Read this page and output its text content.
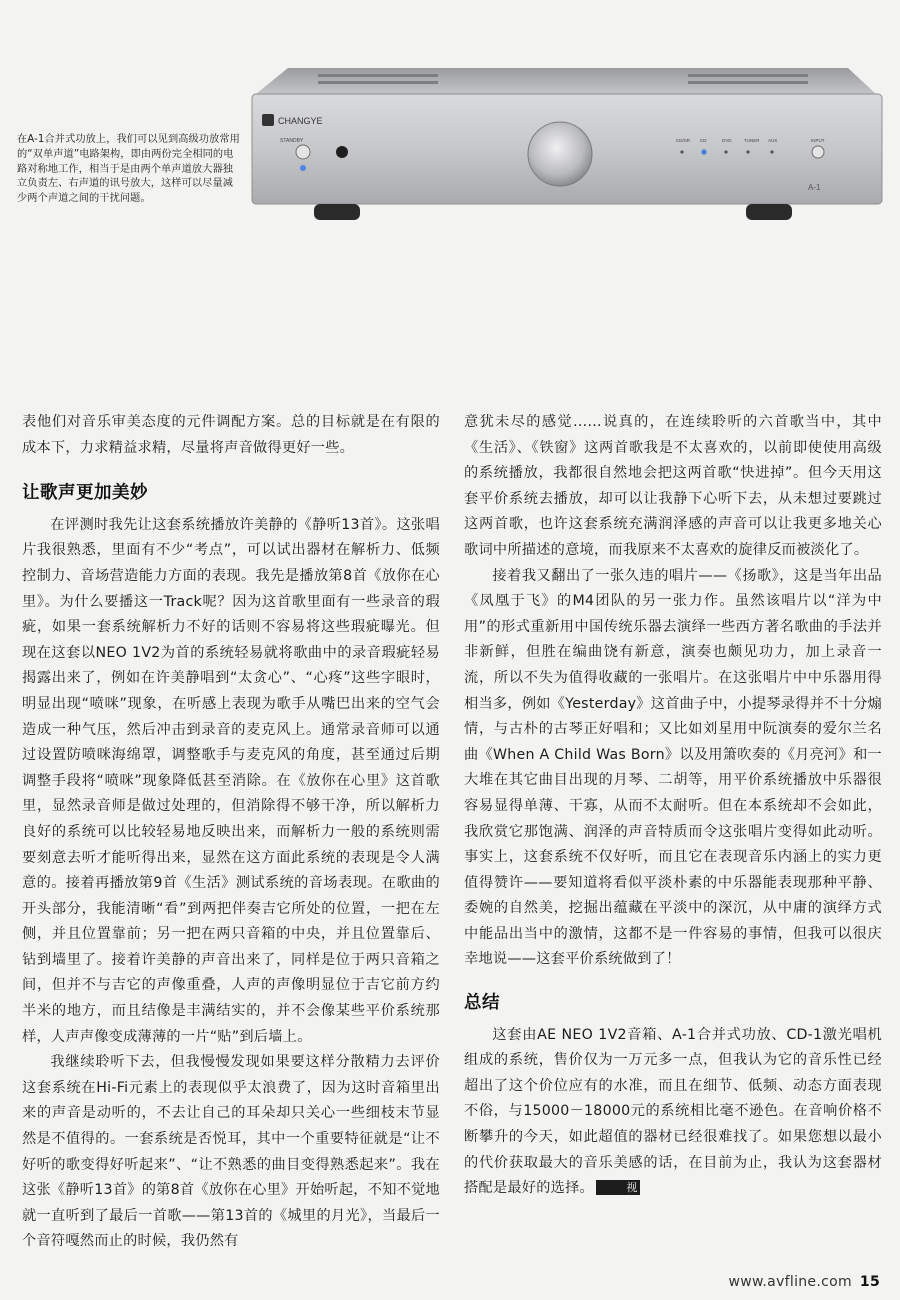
在A-1合并式功放上，我们可以见到高级功放常用的“双单声道”电路架构，即由两份完全相同的电路对称地工作，相当于是由两个单声道放大器独立负责左、右声道的讯号放大，这样可以尽量减少两个声道之间的干扰问题。
CHANGYE
STANDBY	CD/SR CD	DVD	TUNER AUX	INPUT
A-1

表他们对音乐审美态度的元件调配方案。总的目标就是在有限的成本下，力求精益求精，尽量将声音做得更好一些。

让歌声更加美妙

在评测时我先让这套系统播放许美静的《静听13首》。这张唱片我很熟悉，里面有不少“考点”，可以试出器材在解析力、低频控制力、音场营造能力方面的表现。我先是播放第8首《放你在心里》。为什么要播这一Track呢？因为这首歌里面有一些录音的瑕疵，如果一套系统解析力不好的话则不容易将这些瑕疵曝光。但现在这套以NEO 1V2为首的系统轻易就将歌曲中的录音瑕疵轻易揭露出来了，例如在许美静唱到“太贪心”、“心疼”这些字眼时，明显出现“喷咪”现象，在听感上表现为歌手从嘴巴出来的空气会造成一种气压，然后冲击到录音的麦克风上。通常录音师可以通过设置防喷咪海绵罩，调整歌手与麦克风的角度，甚至通过后期调整手段将“喷咪”现象降低甚至消除。在《放你在心里》这首歌里，显然录音师是做过处理的，但消除得不够干净，所以解析力良好的系统可以比较轻易地反映出来，而解析力一般的系统则需要刻意去听才能听得出来，显然在这方面此系统的表现是令人满意的。接着再播放第9首《生活》测试系统的音场表现。在歌曲的开头部分，我能清晰“看”到两把伴奏吉它所处的位置，一把在左侧，并且位置靠前；另一把在两只音箱的中央，并且位置靠后、钻到墙里了。接着许美静的声音出来了，同样是位于两只音箱之间，但并不与吉它的声像重叠，人声的声像明显位于吉它前方约半米的地方，而且结像是丰满结实的，并不会像某些平价系统那样，人声声像变成薄薄的一片“贴”到后墙上。

我继续聆听下去，但我慢慢发现如果要这样分散精力去评价这套系统在Hi-Fi元素上的表现似乎太浪费了，因为这时音箱里出来的声音是动听的，不去让自己的耳朵却只关心一些细枝末节显然是不值得的。一套系统是否悦耳，其中一个重要特征就是“让不好听的歌变得好听起来”、“让不熟悉的曲目变得熟悉起来”。我在这张《静听13首》的第8首《放你在心里》开始听起，不知不觉地就一直听到了最后一首歌——第13首的《城里的月光》，当最后一个音符嘎然而止的时候，我仍然有

意犹未尽的感觉……说真的，在连续聆听的六首歌当中，其中《生活》、《铁窗》这两首歌我是不太喜欢的，以前即使使用高级的系统播放，我都很自然地会把这两首歌“快进掉”。但今天用这套平价系统去播放，却可以让我静下心听下去，从未想过要跳过这两首歌，也许这套系统充满润泽感的声音可以让我更多地关心歌词中所描述的意境，而我原来不太喜欢的旋律反而被淡化了。

接着我又翻出了一张久违的唱片——《扬歌》，这是当年出品《凤凰于飞》的M4团队的另一张力作。虽然该唱片以“洋为中用”的形式重新用中国传统乐器去演绎一些西方著名歌曲的手法并非新鲜，但胜在编曲饶有新意，演奏也颇见功力，加上录音一流，所以不失为值得收藏的一张唱片。在这张唱片中中乐器用得相当多，例如《Yesterday》这首曲子中，小提琴录得并不十分煽情，与古朴的古琴正好唱和；又比如刘星用中阮演奏的爱尔兰名曲《When A Child Was Born》以及用箫吹奏的《月亮河》和一大堆在其它曲目出现的月琴、二胡等，用平价系统播放中乐器很容易显得单薄、干寡，从而不太耐听。但在本系统却不会如此，我欣赏它那饱满、润泽的声音特质而令这张唱片变得如此动听。事实上，这套系统不仅好听，而且它在表现音乐内涵上的实力更值得赞许——要知道将看似平淡朴素的中乐器能表现那种平静、委婉的自然美，挖掘出蕴藏在平淡中的深沉，从中庸的演绎方式中能品出当中的激情，这都不是一件容易的事情，但我可以很庆幸地说——这套平价系统做到了！

总结

这套由AE NEO 1V2音箱、A-1合并式功放、CD-1激光唱机组成的系统，售价仅为一万元多一点，但我认为它的音乐性已经超出了这个价位应有的水准，而且在细节、低频、动态方面表现不俗，与15000－18000元的系统相比毫不逊色。在音响价格不断攀升的今天，如此超值的器材已经很难找了。如果您想以最小的代价获取最大的音乐美感的话，在目前为止，我认为这套器材搭配是最好的选择。	视

www.avfline.com 15
